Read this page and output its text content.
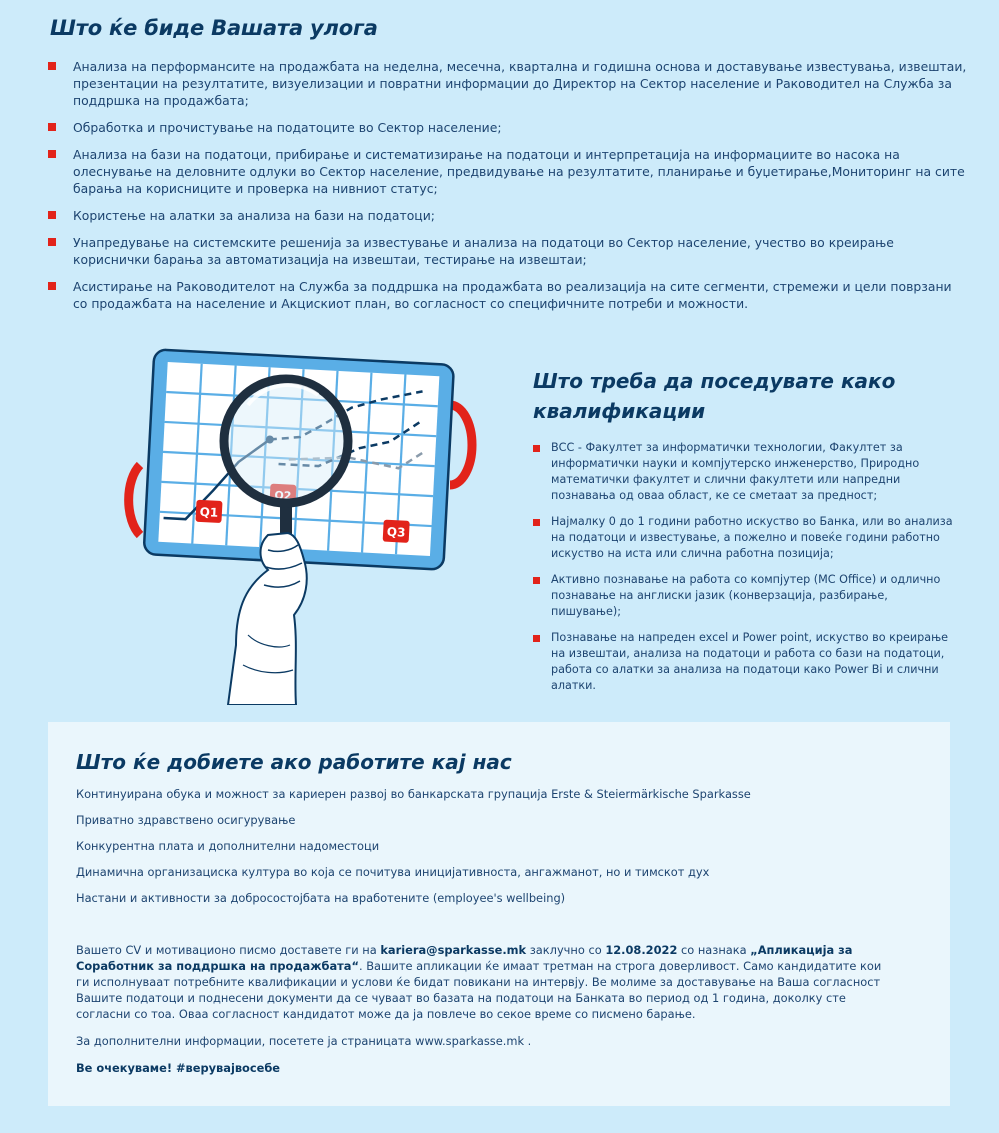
Што ќе биде Вашата улога
Анализа на перформансите на продажбата на неделна, месечна, квартална и годишна основа и доставување известувања, извештаи, презентации на резултатите, визуелизации и повратни информации до Директор на Сектор население и Раководител на Служба за поддршка на продажбата;
Обработка и прочистување на податоците во Сектор население;
Анализа на бази на податоци, прибирање и систематизирање на податоци и интерпретација на информациите во насока на олеснување на деловните одлуки во Сектор население, предвидување на резултатите, планирање и буџетирање,Мониторинг на сите барања на корисниците и проверка на нивниот статус;
Користење на алатки за анализа на бази на податоци;
Унапредување на системските решенија за известување и анализа на податоци во Сектор население, учество во креирање кориснички барања за автоматизација на извештаи, тестирање на извештаи;
Асистирање на Раководителот на Служба за поддршка на продажбата во реализација на сите сегменти, стремежи и цели поврзани со продажбата на население и Акцискиот план, во согласност со специфичните потреби и можности.
Q1
Q2
Q3
Што треба да поседувате како квалификации
ВСС - Факултет за информатички технологии, Факултет за информатички науки и компјутерско инженерство, Природно математички факултет и слични факултети или напредни познавања од оваа област, ке се сметаат за предност;
Најмалку 0 до 1 години работно искуство во Банка, или во анализа на податоци и известување, а пожелно и повеќе години работно искуство на иста или слична работна позиција;
Активно познавање на работа со компјутер (MC Office) и одлично познавање на англиски јазик (конверзација, разбирање, пишување);
Познавање на напреден excel и Power point, искуство во креирање на извештаи, анализа на податоци и работа со бази на податоци, работа со алатки за анализа на податоци како Power Bi и слични алатки.
Што ќе добиете ако работите кај нас

Континуирана обука и можност за кариерен развој во банкарската групација Erste & Steiermärkische Sparkasse

Приватно здравствено осигурување

Конкурентна плата и дополнителни надоместоци

Динамична организациска култура во која се почитува иницијативноста, ангажманот, но и тимскот дух

Настани и активности за добросостојбата на вработените (employee's wellbeing)

Вашето CV и мотивационо писмо доставете ги на kariera@sparkasse.mk заклучно со 12.08.2022 со назнака „Апликација за Соработник за поддршка на продажбата“. Вашите апликации ќе имаат третман на строга доверливост. Само кандидатите кои ги исполнуваат потребните квалификации и услови ќе бидат повикани на интервју. Ве молиме за доставување на Ваша согласност Вашите податоци и поднесени документи да се чуваат во базата на податоци на Банката во период од 1 година, доколку сте согласни со тоа. Оваа согласност кандидатот може да ја повлече во секое време со писмено барање.

За дополнителни информации, посетете ја страницата www.sparkasse.mk .

Ве очекуваме! #верувајвосебе
